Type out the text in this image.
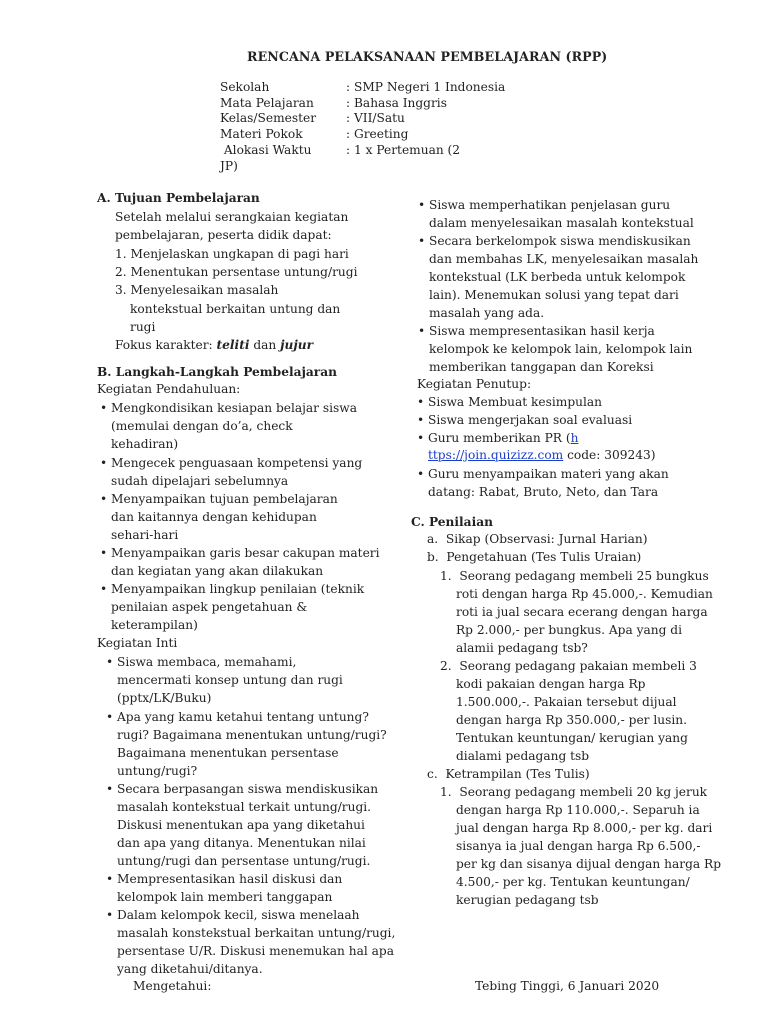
RENCANA PELAKSANAAN PEMBELAJARAN (RPP)
Sekolah	: SMP Negeri 1 Indonesia
Mata Pelajaran	: Bahasa Inggris
Kelas/Semester : VII/Satu
Materi Pokok	: Greeting
Alokasi Waktu	: 1 x Pertemuan (2
JP)
A. Tujuan Pembelajaran
Setelah melalui serangkaian kegiatan
pembelajaran, peserta didik dapat:
1. Menjelaskan ungkapan di pagi hari
2. Menentukan persentase untung/rugi
3. Menyelesaikan masalah
kontekstual berkaitan untung dan
rugi
Fokus karakter: teliti dan jujur
B. Langkah-Langkah Pembelajaran
Kegiatan Pendahuluan:
• Mengkondisikan kesiapan belajar siswa
(memulai dengan do’a, check
kehadiran)
• Mengecek penguasaan kompetensi yang
sudah dipelajari sebelumnya
• Menyampaikan tujuan pembelajaran
dan kaitannya dengan kehidupan
sehari-hari
• Menyampaikan garis besar cakupan materi
dan kegiatan yang akan dilakukan
• Menyampaikan lingkup penilaian (teknik
penilaian aspek pengetahuan &
keterampilan)
Kegiatan Inti
• Siswa membaca, memahami,
mencermati konsep untung dan rugi
(pptx/LK/Buku)
• Apa yang kamu ketahui tentang untung?
rugi? Bagaimana menentukan untung/rugi?
Bagaimana menentukan persentase
untung/rugi?
• Secara berpasangan siswa mendiskusikan
masalah kontekstual terkait untung/rugi.
Diskusi menentukan apa yang diketahui
dan apa yang ditanya. Menentukan nilai
untung/rugi dan persentase untung/rugi.
• Mempresentasikan hasil diskusi dan
kelompok lain memberi tanggapan
• Dalam kelompok kecil, siswa menelaah
masalah konstekstual berkaitan untung/rugi,
persentase U/R. Diskusi menemukan hal apa
yang diketahui/ditanya.
• Siswa memperhatikan penjelasan guru
dalam menyelesaikan masalah kontekstual
• Secara berkelompok siswa mendiskusikan
dan membahas LK, menyelesaikan masalah
kontekstual (LK berbeda untuk kelompok
lain). Menemukan solusi yang tepat dari
masalah yang ada.
• Siswa mempresentasikan hasil kerja
kelompok ke kelompok lain, kelompok lain
memberikan tanggapan dan Koreksi
Kegiatan Penutup:
• Siswa Membuat kesimpulan
• Siswa mengerjakan soal evaluasi
• Guru memberikan PR (h
ttps://join.quizizz.com code: 309243)
• Guru menyampaikan materi yang akan
datang: Rabat, Bruto, Neto, dan Tara
C. Penilaian
a.  Sikap (Observasi: Jurnal Harian)
b.  Pengetahuan (Tes Tulis Uraian)
1.  Seorang pedagang membeli 25 bungkus
roti dengan harga Rp 45.000,-. Kemudian
roti ia jual secara ecerang dengan harga
Rp 2.000,- per bungkus. Apa yang di
alamii pedagang tsb?
2.  Seorang pedagang pakaian membeli 3
kodi pakaian dengan harga Rp
1.500.000,-. Pakaian tersebut dijual
dengan harga Rp 350.000,- per lusin.
Tentukan keuntungan/ kerugian yang
dialami pedagang tsb
c.  Ketrampilan (Tes Tulis)
1.  Seorang pedagang membeli 20 kg jeruk
dengan harga Rp 110.000,-. Separuh ia
jual dengan harga Rp 8.000,- per kg. dari
sisanya ia jual dengan harga Rp 6.500,-
per kg dan sisanya dijual dengan harga Rp
4.500,- per kg. Tentukan keuntungan/
kerugian pedagang tsb
Mengetahui:	Tebing Tinggi, 6 Januari 2020
